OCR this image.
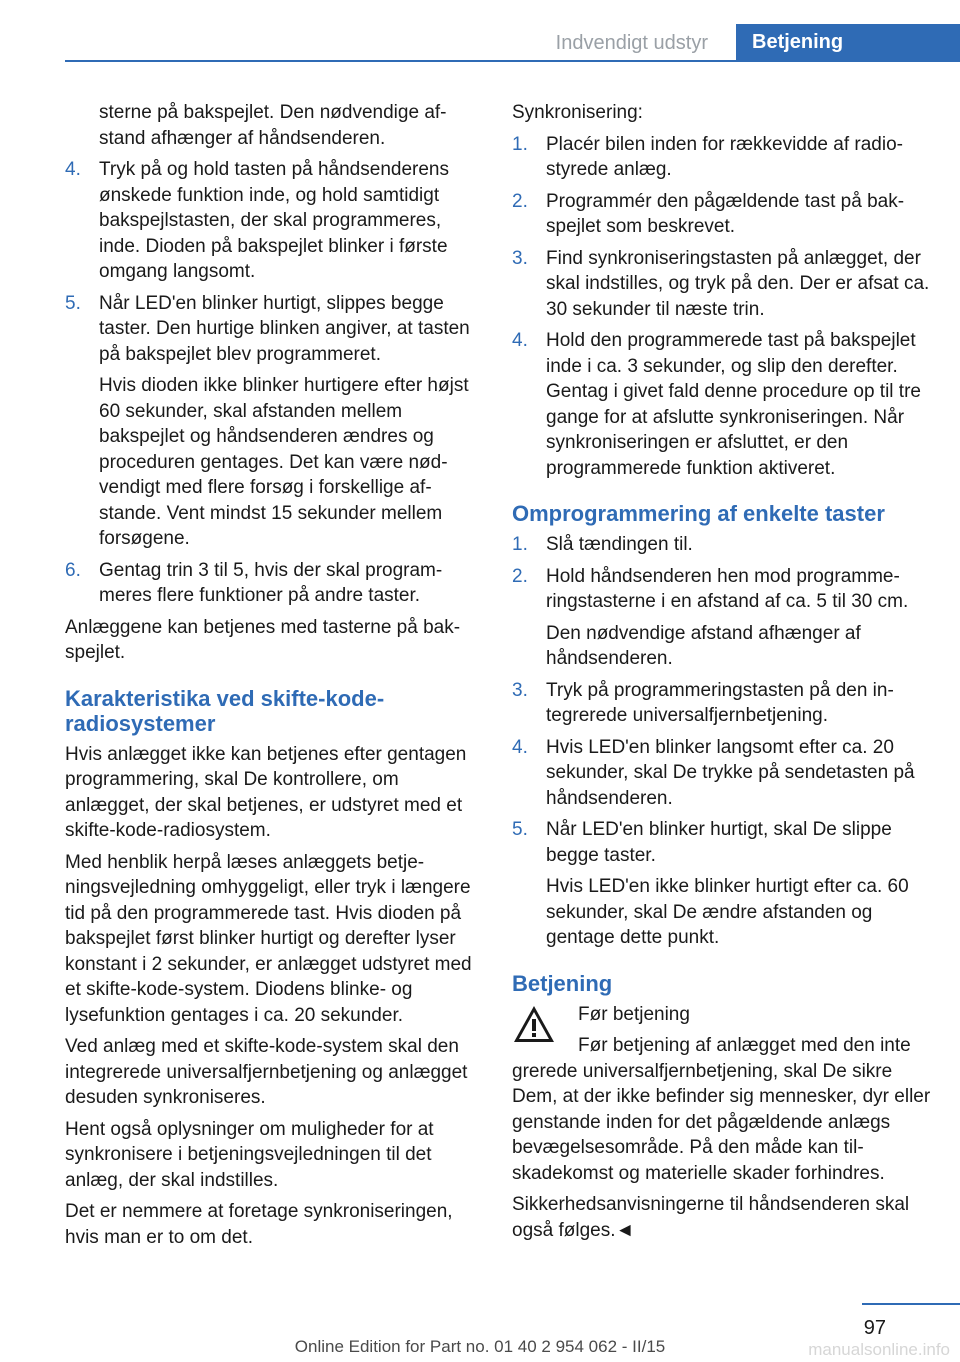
Indvendigt udstyr	Betjening

sterne på bakspejlet. Den nødvendige afstand afhænger af håndsenderen.

4. Tryk på og hold tasten på håndsenderens ønskede funktion inde, og hold samtidigt bakspejlstasten, der skal programmeres, inde. Dioden på bakspejlet blinker i første omgang langsomt.

5. Når LED'en blinker hurtigt, slippes begge taster. Den hurtige blinken angiver, at tasten på bakspejlet blev programmeret.

Hvis dioden ikke blinker hurtigere efter højst 60 sekunder, skal afstanden mellem bakspejlet og håndsenderen ændres og proceduren gentages. Det kan være nødvendigt med flere forsøg i forskellige afstande. Vent mindst 15 sekunder mellem forsøgene.

6. Gentag trin 3 til 5, hvis der skal programmeres flere funktioner på andre taster.

Anlæggene kan betjenes med tasterne på bakspejlet.

Karakteristika ved skifte-kode-radiosystemer

Hvis anlægget ikke kan betjenes efter gentagen programmering, skal De kontrollere, om anlægget, der skal betjenes, er udstyret med et skifte-kode-radiosystem.

Med henblik herpå læses anlæggets betjeningsvejledning omhyggeligt, eller tryk i længere tid på den programmerede tast. Hvis dioden på bakspejlet først blinker hurtigt og derefter lyser konstant i 2 sekunder, er anlægget udstyret med et skifte-kode-system. Diodens blinke- og lysefunktion gentages i ca. 20 sekunder.

Ved anlæg med et skifte-kode-system skal den integrerede universalfjernbetjening og anlægget desuden synkroniseres.

Hent også oplysninger om muligheder for at synkronisere i betjeningsvejledningen til det anlæg, der skal indstilles.

Det er nemmere at foretage synkroniseringen, hvis man er to om det.

Synkronisering:

1. Placér bilen inden for rækkevidde af radiostyrede anlæg.

2. Programmér den pågældende tast på bakspejlet som beskrevet.

3. Find synkroniseringstasten på anlægget, der skal indstilles, og tryk på den. Der er afsat ca. 30 sekunder til næste trin.

4. Hold den programmerede tast på bakspejlet inde i ca. 3 sekunder, og slip den derefter. Gentag i givet fald denne procedure op til tre gange for at afslutte synkroniseringen. Når synkroniseringen er afsluttet, er den programmerede funktion aktiveret.

Omprogrammering af enkelte taster
1. Slå tændingen til.

2. Hold håndsenderen hen mod programmeringstasterne i en afstand af ca. 5 til 30 cm.

Den nødvendige afstand afhænger af håndsenderen.

3. Tryk på programmeringstasten på den integrerede universalfjernbetjening.

4. Hvis LED'en blinker langsomt efter ca. 20 sekunder, skal De trykke på sendetasten på håndsenderen.

5. Når LED'en blinker hurtigt, skal De slippe begge taster.

Hvis LED'en ikke blinker hurtigt efter ca. 60 sekunder, skal De ændre afstanden og gentage dette punkt.

Betjening

Før betjening

Før betjening af anlægget med den inte

grerede universalfjernbetjening, skal De sikre Dem, at der ikke befinder sig mennesker, dyr eller genstande inden for det pågældende anlægs bevægelsesområde. På den måde kan tilskadekomst og materielle skader forhindres.

Sikkerhedsanvisningerne til håndsenderen skal også følges.◄

97
Online Edition for Part no. 01 40 2 954 062 - II/15	manualsonline.info
